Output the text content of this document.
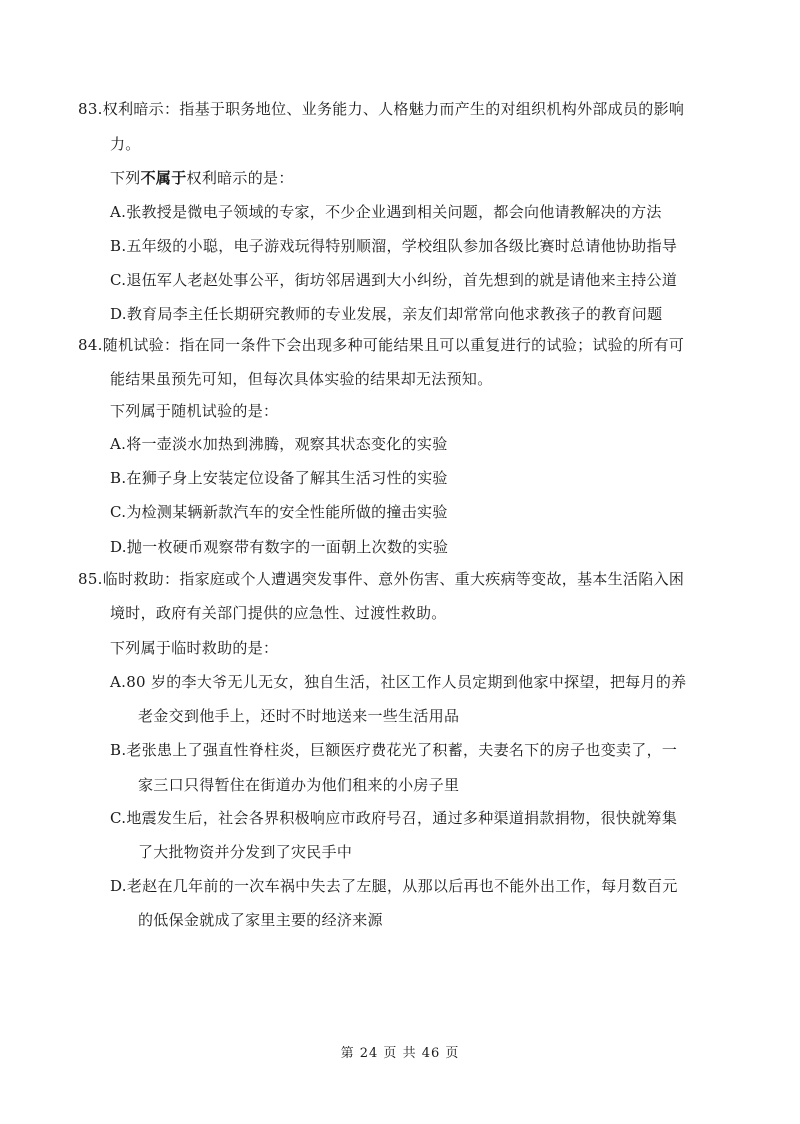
83.权利暗示：指基于职务地位、业务能力、人格魅力而产生的对组织机构外部成员的影响
力。
下列不属于权利暗示的是：
A.张教授是微电子领域的专家，不少企业遇到相关问题，都会向他请教解决的方法
B.五年级的小聪，电子游戏玩得特别顺溜，学校组队参加各级比赛时总请他协助指导
C.退伍军人老赵处事公平，街坊邻居遇到大小纠纷，首先想到的就是请他来主持公道
D.教育局李主任长期研究教师的专业发展，亲友们却常常向他求教孩子的教育问题
84.随机试验：指在同一条件下会出现多种可能结果且可以重复进行的试验；试验的所有可
能结果虽预先可知，但每次具体实验的结果却无法预知。
下列属于随机试验的是：
A.将一壶淡水加热到沸腾，观察其状态变化的实验
B.在狮子身上安装定位设备了解其生活习性的实验
C.为检测某辆新款汽车的安全性能所做的撞击实验
D.抛一枚硬币观察带有数字的一面朝上次数的实验
85.临时救助：指家庭或个人遭遇突发事件、意外伤害、重大疾病等变故，基本生活陷入困
境时，政府有关部门提供的应急性、过渡性救助。
下列属于临时救助的是：
A.80 岁的李大爷无儿无女，独自生活，社区工作人员定期到他家中探望，把每月的养
老金交到他手上，还时不时地送来一些生活用品
B.老张患上了强直性脊柱炎，巨额医疗费花光了积蓄，夫妻名下的房子也变卖了，一
家三口只得暂住在街道办为他们租来的小房子里
C.地震发生后，社会各界积极响应市政府号召，通过多种渠道捐款捐物，很快就筹集
了大批物资并分发到了灾民手中
D.老赵在几年前的一次车祸中失去了左腿，从那以后再也不能外出工作，每月数百元
的低保金就成了家里主要的经济来源
第 24 页 共 46 页
